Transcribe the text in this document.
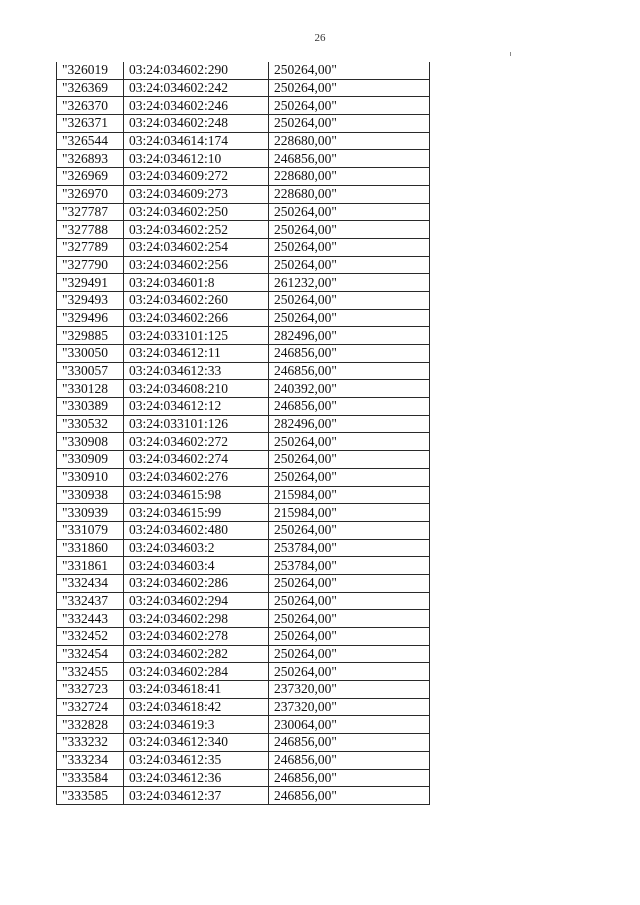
26
"326019	03:24:034602:290	250264,00"
"326369	03:24:034602:242	250264,00"
"326370	03:24:034602:246	250264,00"
"326371	03:24:034602:248	250264,00"
"326544	03:24:034614:174	228680,00"
"326893	03:24:034612:10	246856,00"
"326969	03:24:034609:272	228680,00"
"326970	03:24:034609:273	228680,00"
"327787	03:24:034602:250	250264,00"
"327788	03:24:034602:252	250264,00"
"327789	03:24:034602:254	250264,00"
"327790	03:24:034602:256	250264,00"
"329491	03:24:034601:8	261232,00"
"329493	03:24:034602:260	250264,00"
"329496	03:24:034602:266	250264,00"
"329885	03:24:033101:125	282496,00"
"330050	03:24:034612:11	246856,00"
"330057	03:24:034612:33	246856,00"
"330128	03:24:034608:210	240392,00"
"330389	03:24:034612:12	246856,00"
"330532	03:24:033101:126	282496,00"
"330908	03:24:034602:272	250264,00"
"330909	03:24:034602:274	250264,00"
"330910	03:24:034602:276	250264,00"
"330938	03:24:034615:98	215984,00"
"330939	03:24:034615:99	215984,00"
"331079	03:24:034602:480	250264,00"
"331860	03:24:034603:2	253784,00"
"331861	03:24:034603:4	253784,00"
"332434	03:24:034602:286	250264,00"
"332437	03:24:034602:294	250264,00"
"332443	03:24:034602:298	250264,00"
"332452	03:24:034602:278	250264,00"
"332454	03:24:034602:282	250264,00"
"332455	03:24:034602:284	250264,00"
"332723	03:24:034618:41	237320,00"
"332724	03:24:034618:42	237320,00"
"332828	03:24:034619:3	230064,00"
"333232	03:24:034612:340	246856,00"
"333234	03:24:034612:35	246856,00"
"333584	03:24:034612:36	246856,00"
"333585	03:24:034612:37	246856,00"
